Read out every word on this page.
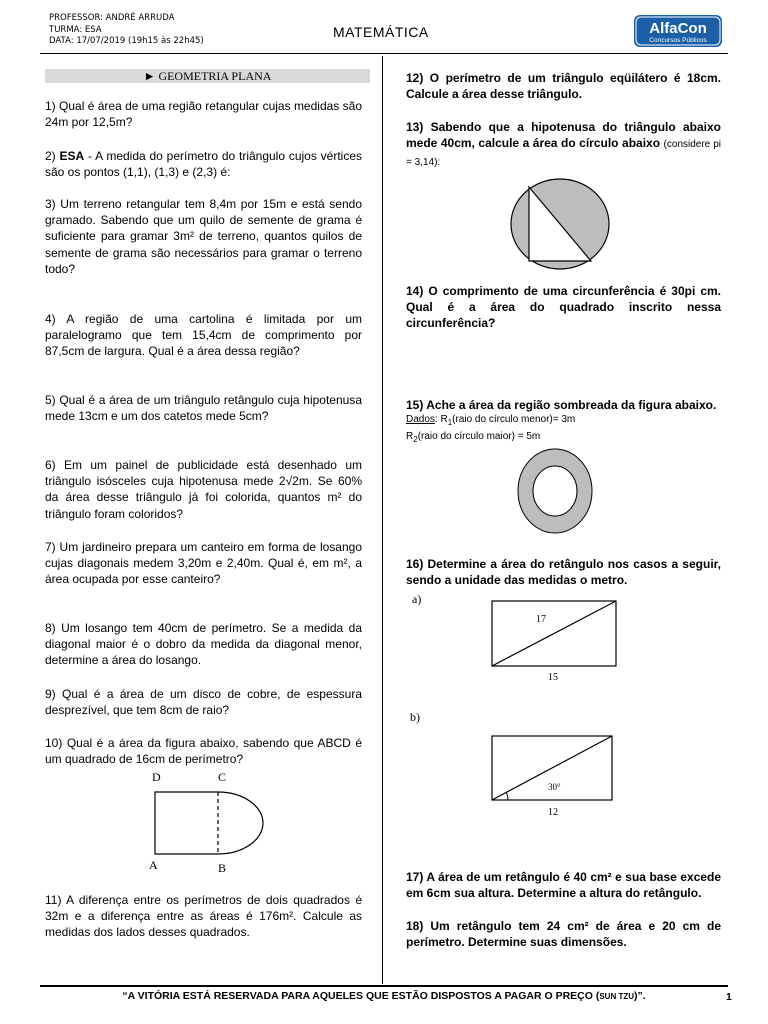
PROFESSOR: ANDRÉ ARRUDA
TURMA: ESA
DATA: 17/07/2019 (19h15 às 22h45)
MATEMÁTICA	AlfaCon
Concursos Públicos
► GEOMETRIA PLANA
1) Qual é área de uma região retangular cujas medidas são 24m por 12,5m?
2) ESA - A medida do perímetro do triângulo cujos vértices são os pontos (1,1), (1,3) e (2,3) é:
3) Um terreno retangular tem 8,4m por 15m e está sendo gramado. Sabendo que um quilo de semente de grama é suficiente para gramar 3m² de terreno, quantos quilos de semente de grama são necessários para gramar o terreno todo?
4) A região de uma cartolina é limitada por um paralelogramo que tem 15,4cm de comprimento por 87,5cm de largura. Qual é a área dessa região?
5) Qual é a área de um triângulo retângulo cuja hipotenusa mede 13cm e um dos catetos mede 5cm?
6) Em um painel de publicidade está desenhado um triângulo isósceles cuja hipotenusa mede 2√2m. Se 60% da área desse triângulo já foi colorida, quantos m² do triângulo foram coloridos?
7) Um jardineiro prepara um canteiro em forma de losango cujas diagonais medem 3,20m e 2,40m. Qual é, em m², a área ocupada por esse canteiro?
8) Um losango tem 40cm de perímetro. Se a medida da diagonal maior é o dobro da medida da diagonal menor, determine a área do losango.
9) Qual é a área de um disco de cobre, de espessura desprezível, que tem 8cm de raio?
10) Qual é a área da figura abaixo, sabendo que ABCD é um quadrado de 16cm de perímetro?
D	C
A	B
11) A diferença entre os perímetros de dois quadrados é 32m e a diferença entre as áreas é 176m². Calcule as medidas dos lados desses quadrados.
12) O perímetro de um triângulo eqüilátero é 18cm. Calcule a área desse triângulo.
13) Sabendo que a hipotenusa do triângulo abaixo mede 40cm, calcule a área do círculo abaixo (considere pi = 3,14):
14) O comprimento de uma circunferência é 30pi cm. Qual é a área do quadrado inscrito nessa circunferência?
15) Ache a área da região sombreada da figura abaixo.
Dados: $R_1(raio$ do círculo menor)= 3m
$R_2(raio$ do círculo maior) = 5m
16) Determine a área do retângulo nos casos a seguir, sendo a unidade das medidas o metro.
a)
17
15
b)
30°
12
17) A área de um retângulo é 40 cm² e sua base excede em 6cm sua altura. Determine a altura do retângulo.
18) Um retângulo tem 24 cm² de área e 20 cm de perímetro. Determine suas dimensões.
“A VITÓRIA ESTÁ RESERVADA PARA AQUELES QUE ESTÃO DISPOSTOS A PAGAR O PREÇO (SUN TZU)”.	1
